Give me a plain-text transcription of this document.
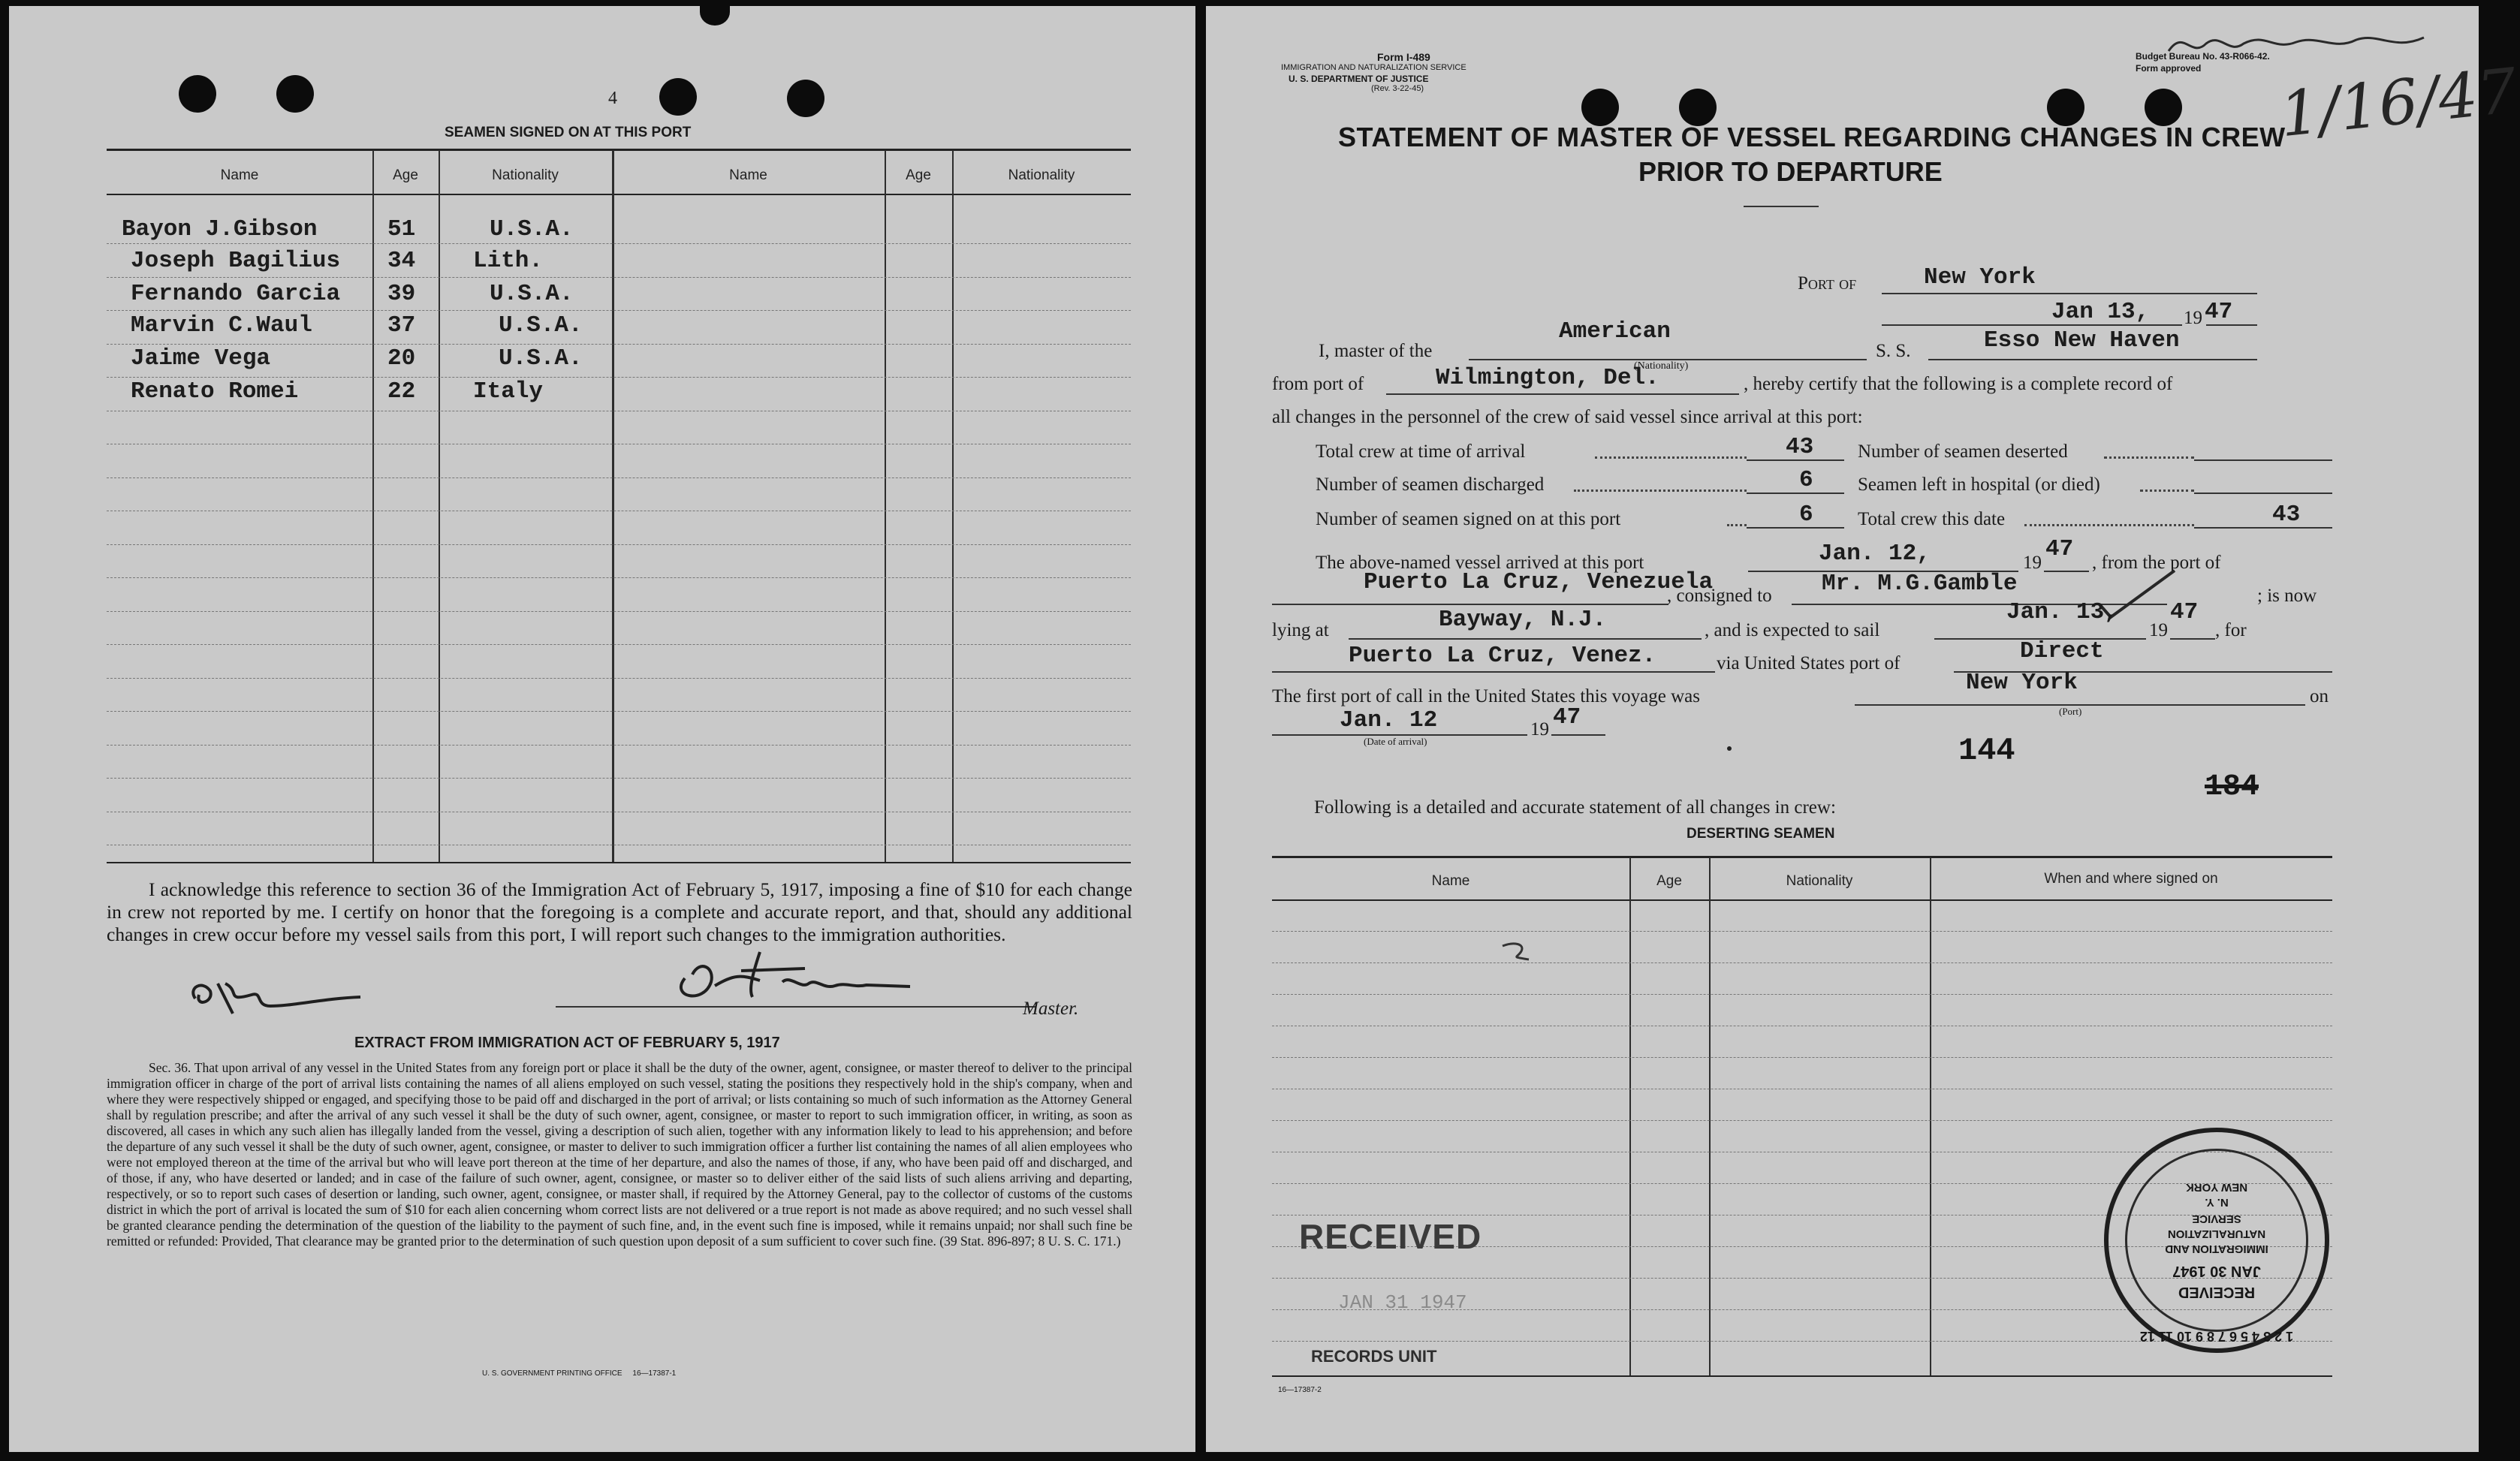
4
SEAMEN SIGNED ON AT THIS PORT
Name	Age	Nationality	Name	Age	Nationality
Bayon J.Gibson	51	U.S.A.
Joseph Bagilius 34 Lith.
Fernando Garcia 39	U.S.A.
Marvin C.Waul	37	U.S.A.
Jaime Vega	20	U.S.A.
Renato Romei	22 Italy
I acknowledge this reference to section 36 of the Immigration Act of February 5, 1917, imposing a fine of $10 for each change in crew not reported by me. I certify on honor that the foregoing is a complete and accurate report, and that, should any additional changes in crew occur before my vessel sails from this port, I will report such changes to the immigration authorities.
Master.
EXTRACT FROM IMMIGRATION ACT OF FEBRUARY 5, 1917
Sec. 36. That upon arrival of any vessel in the United States from any foreign port or place it shall be the duty of the owner, agent, consignee, or master thereof to deliver to the principal immigration officer in charge of the port of arrival lists containing the names of all aliens employed on such vessel, stating the positions they respectively hold in the ship's company, when and where they were respectively shipped or engaged, and specifying those to be paid off and discharged in the port of arrival; or lists containing so much of such information as the Attorney General shall by regulation prescribe; and after the arrival of any such vessel it shall be the duty of such owner, agent, consignee, or master to report to such immigration officer, in writing, as soon as discovered, all cases in which any such alien has illegally landed from the vessel, giving a description of such alien, together with any information likely to lead to his apprehension; and before the departure of any such vessel it shall be the duty of such owner, agent, consignee, or master to deliver to such immigration officer a further list containing the names of all alien employees who were not employed thereon at the time of the arrival but who will leave port thereon at the time of her departure, and also the names of those, if any, who have been paid off and discharged, and of those, if any, who have deserted or landed; and in case of the failure of such owner, agent, consignee, or master so to deliver either of the said lists of such aliens arriving and departing, respectively, or so to report such cases of desertion or landing, such owner, agent, consignee, or master shall, if required by the Attorney General, pay to the collector of customs of the customs district in which the port of arrival is located the sum of $10 for each alien concerning whom correct lists are not delivered or a true report is not made as above required; and no such vessel shall be granted clearance pending the determination of the question of the liability to the payment of such fine, and, in the event such fine is imposed, while it remains unpaid; nor shall such fine be remitted or refunded: Provided, That clearance may be granted prior to the determination of such question upon deposit of a sum sufficient to cover such fine. (39 Stat. 896-897; 8 U. S. C. 171.)
U. S. GOVERNMENT PRINTING OFFICE     16—17387-1
Form I-489
IMMIGRATION AND NATURALIZATION SERVICE
U. S. DEPARTMENT OF JUSTICE
(Rev. 3-22-45)
Budget Bureau No. 43-R066-42.
Form approved 1/16/47
STATEMENT OF MASTER OF VESSEL REGARDING CHANGES IN CREW
PRIOR TO DEPARTURE
Port of	New York
Jan 13, 19 47
I, master of the
American
(Nationality)
S. S.	Esso New Haven
from port of	Wilmington, Del.	, hereby certify that the following is a complete record of
all changes in the personnel of the crew of said vessel since arrival at this port:
Total crew at time of arrival	43 Number of seamen deserted
Number of seamen discharged	6 Seamen left in hospital (or died)
Number of seamen signed on at this port	6 Total crew this date	43
The above-named vessel arrived at this port	Jan. 12,	19
47
, from the port of
Puerto La Cruz, Venezuela
, consigned to Mr. M.G.Gamble	; is now
lying at	Bayway, N.J.	, and is expected to sail
Jan. 13,
19
47
, for
Puerto La Cruz, Venez.	via United States port of	Direct
The first port of call in the United States this voyage was
New York
(Port)
on
Jan. 12
(Date of arrival)
19 47
144
184
Following is a detailed and accurate statement of all changes in crew:
DESERTING SEAMEN
Name	Age	Nationality	When and where signed on
RECEIVED
JAN 31 1947
RECORDS UNIT
1 2 3 4 5 6 7 8 9 10 11 12
RECEIVED
JAN 30 1947
IMMIGRATION AND
NATURALIZATION
SERVICE
N. Y.
NEW YORK
16—17387-2
